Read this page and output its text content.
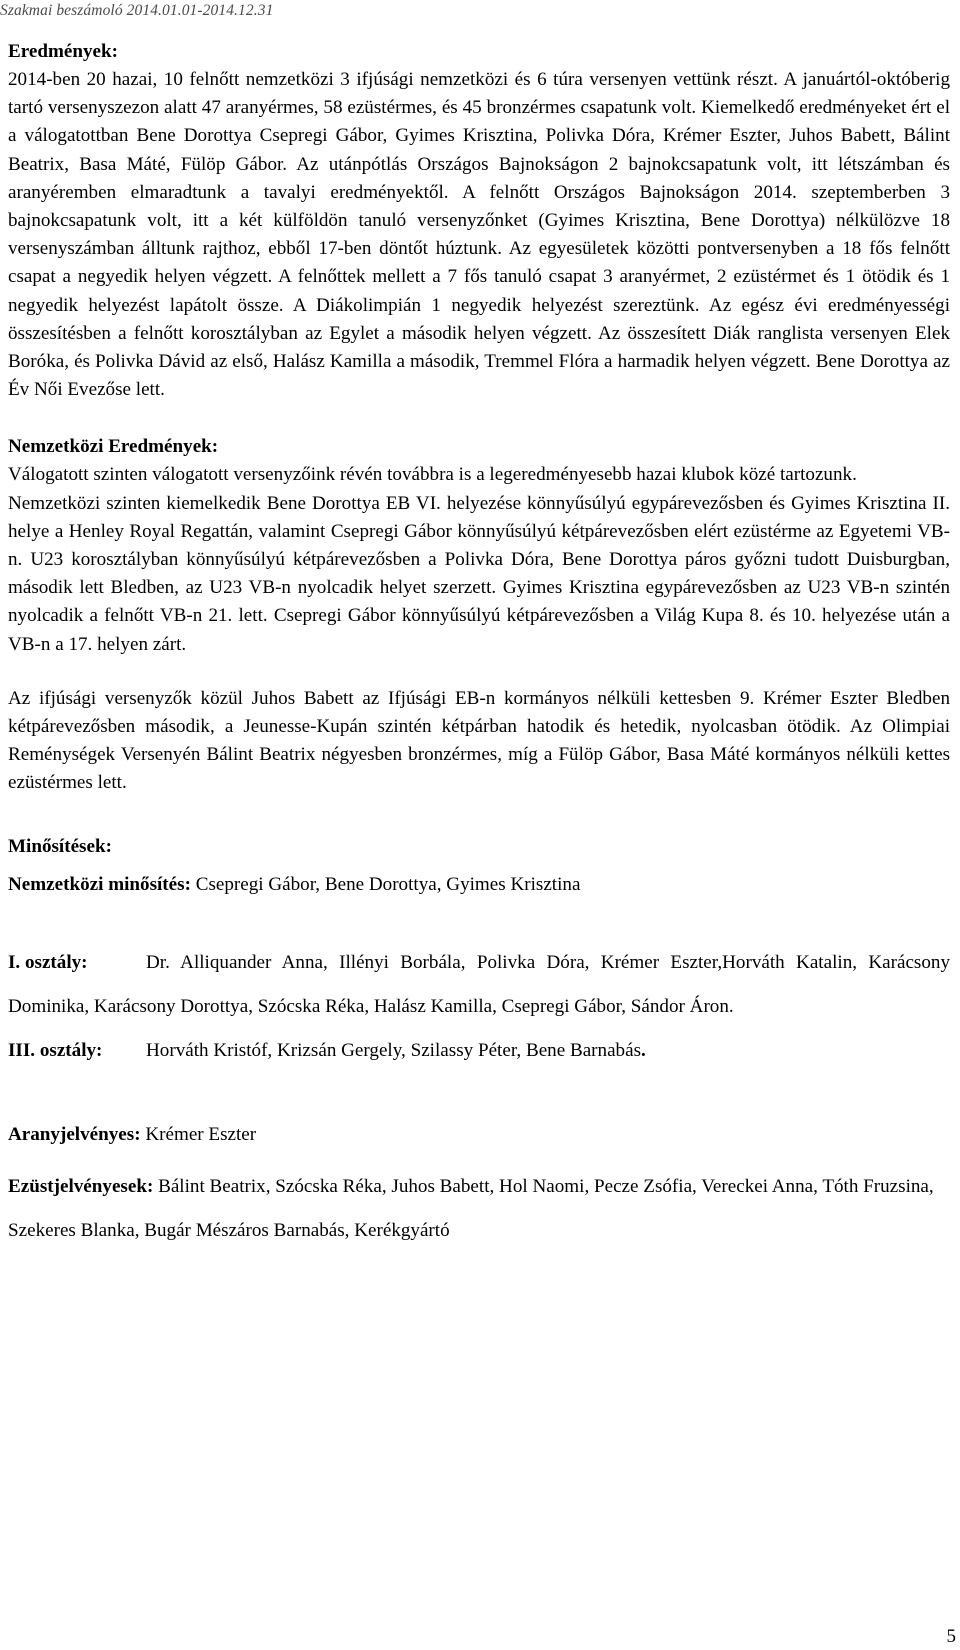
Szakmai beszámoló 2014.01.01-2014.12.31
Eredmények:

2014-ben 20 hazai, 10 felnőtt nemzetközi 3 ifjúsági nemzetközi és 6 túra versenyen vettünk részt. A januártól-októberig tartó versenyszezon alatt 47 aranyérmes, 58 ezüstérmes, és 45 bronzérmes csapatunk volt. Kiemelkedő eredményeket ért el a válogatottban Bene Dorottya Csepregi Gábor, Gyimes Krisztina, Polivka Dóra, Krémer Eszter, Juhos Babett, Bálint Beatrix, Basa Máté, Fülöp Gábor. Az utánpótlás Országos Bajnokságon 2 bajnokcsapatunk volt, itt létszámban és aranyéremben elmaradtunk a tavalyi eredményektől. A felnőtt Országos Bajnokságon 2014. szeptemberben 3 bajnokcsapatunk volt, itt a két külföldön tanuló versenyzőnket (Gyimes Krisztina, Bene Dorottya) nélkülözve 18 versenyszámban álltunk rajthoz, ebből 17-ben döntőt húztunk. Az egyesületek közötti pontversenyben a 18 fős felnőtt csapat a negyedik helyen végzett. A felnőttek mellett a 7 fős tanuló csapat 3 aranyérmet, 2 ezüstérmet és 1 ötödik és 1 negyedik helyezést lapátolt össze. A Diákolimpián 1 negyedik helyezést szereztünk. Az egész évi eredményességi összesítésben a felnőtt korosztályban az Egylet a második helyen végzett. Az összesített Diák ranglista versenyen Elek Boróka, és Polivka Dávid az első, Halász Kamilla a második, Tremmel Flóra a harmadik helyen végzett. Bene Dorottya az Év Női Evezőse lett.

Nemzetközi Eredmények:

Válogatott szinten válogatott versenyzőink révén továbbra is a legeredményesebb hazai klubok közé tartozunk.

Nemzetközi szinten kiemelkedik Bene Dorottya EB VI. helyezése könnyűsúlyú egypárevezősben és Gyimes Krisztina II. helye a Henley Royal Regattán, valamint Csepregi Gábor könnyűsúlyú kétpárevezősben elért ezüstérme az Egyetemi VB-n. U23 korosztályban könnyűsúlyú kétpárevezősben a Polivka Dóra, Bene Dorottya páros győzni tudott Duisburgban, második lett Bledben, az U23 VB-n nyolcadik helyet szerzett. Gyimes Krisztina egypárevezősben az U23 VB-n szintén nyolcadik a felnőtt VB-n 21. lett. Csepregi Gábor könnyűsúlyú kétpárevezősben a Világ Kupa 8. és 10. helyezése után a VB-n a 17. helyen zárt.

Az ifjúsági versenyzők közül Juhos Babett az Ifjúsági EB-n kormányos nélküli kettesben 9. Krémer Eszter Bledben kétpárevezősben második, a Jeunesse-Kupán szintén kétpárban hatodik és hetedik, nyolcasban ötödik. Az Olimpiai Reménységek Versenyén Bálint Beatrix négyesben bronzérmes, míg a Fülöp Gábor, Basa Máté kormányos nélküli kettes ezüstérmes lett.

Minősítések:

Nemzetközi minősítés: Csepregi Gábor, Bene Dorottya, Gyimes Krisztina

I. osztály:	Dr. Alliquander Anna, Illényi Borbála, Polivka Dóra, Krémer Eszter,Horváth Katalin, Karácsony Dominika, Karácsony Dorottya, Szócska Réka, Halász Kamilla, Csepregi Gábor, Sándor Áron.

III. osztály: Horváth Kristóf, Krizsán Gergely, Szilassy Péter, Bene Barnabás.

Aranyjelvényes: Krémer Eszter

Ezüstjelvényesek: Bálint Beatrix, Szócska Réka, Juhos Babett, Hol Naomi, Pecze Zsófia, Vereckei Anna, Tóth Fruzsina, Szekeres Blanka, Bugár Mészáros Barnabás, Kerékgyártó

5
